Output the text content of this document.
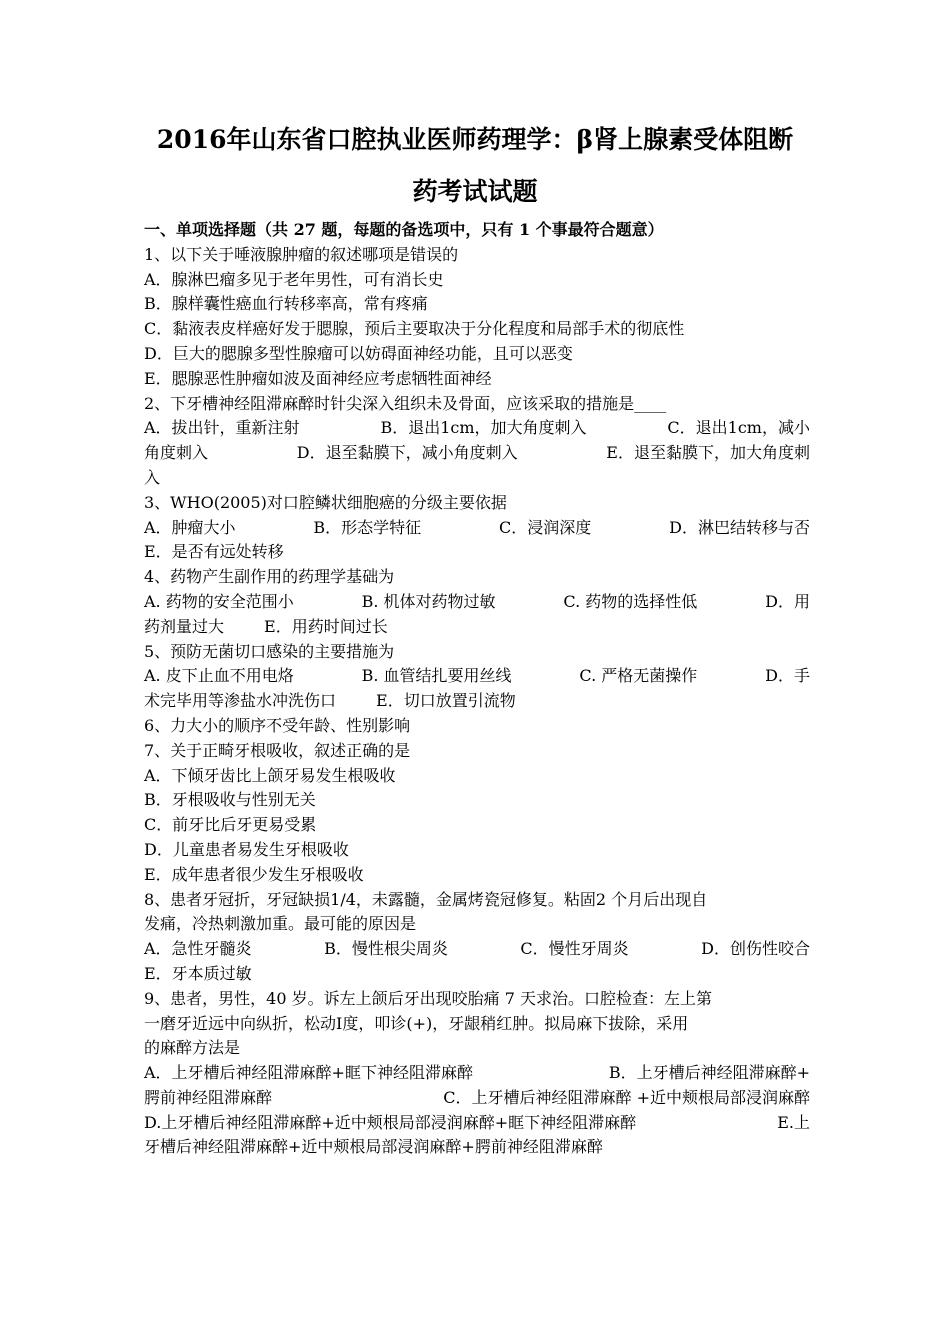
2016年山东省口腔执业医师药理学：β肾上腺素受体阻断
药考试试题
一、单项选择题（共 27 题，每题的备选项中，只有 1 个事最符合题意）
1、以下关于唾液腺肿瘤的叙述哪项是错误的
A．腺淋巴瘤多见于老年男性，可有消长史
B．腺样囊性癌血行转移率高，常有疼痛
C．黏液表皮样癌好发于腮腺，预后主要取决于分化程度和局部手术的彻底性
D．巨大的腮腺多型性腺瘤可以妨碍面神经功能，且可以恶变
E．腮腺恶性肿瘤如波及面神经应考虑牺牲面神经
2、下牙槽神经阻滞麻醉时针尖深入组织未及骨面，应该采取的措施是____
A．拔出针，重新注射	B．退出1cm，加大角度刺入	C．退出1cm，减小
角度刺入	D．退至黏膜下，减小角度刺入	E．退至黏膜下，加大角度刺
入
3、WHO(2005)对口腔鳞状细胞癌的分级主要依据
A．肿瘤大小	B．形态学特征	C．浸润深度	D．淋巴结转移与否
E．是否有远处转移
4、药物产生副作用的药理学基础为
A. 药物的安全范围小	B. 机体对药物过敏	C. 药物的选择性低	D．用
药剂量过大	E．用药时间过长
5、预防无菌切口感染的主要措施为
A. 皮下止血不用电烙	B. 血管结扎要用丝线	C. 严格无菌操作	D．手
术完毕用等渗盐水冲洗伤口	E．切口放置引流物
6、力大小的顺序不受年龄、性别影响
7、关于正畸牙根吸收，叙述正确的是
A．下倾牙齿比上颌牙易发生根吸收
B．牙根吸收与性别无关
C．前牙比后牙更易受累
D．儿童患者易发生牙根吸收
E．成年患者很少发生牙根吸收
8、患者牙冠折，牙冠缺损1/4，未露髓，金属烤瓷冠修复。粘固2 个月后出现自
发痛，冷热刺激加重。最可能的原因是
A．急性牙髓炎	B．慢性根尖周炎	C．慢性牙周炎	D．创伤性咬合
E．牙本质过敏
9、患者，男性，40 岁。诉左上颌后牙出现咬胎痛 7 天求治。口腔检查：左上第
一磨牙近远中向纵折，松动Ⅰ度，叩诊(+)，牙龈稍红肿。拟局麻下拔除，采用
的麻醉方法是
A．上牙槽后神经阻滞麻醉+眶下神经阻滞麻醉	B．上牙槽后神经阻滞麻醉+
腭前神经阻滞麻醉	C．上牙槽后神经阻滞麻醉 +近中颊根局部浸润麻醉
D.上牙槽后神经阻滞麻醉+近中颊根局部浸润麻醉+眶下神经阻滞麻醉	E.上
牙槽后神经阻滞麻醉+近中颊根局部浸润麻醉+腭前神经阻滞麻醉
